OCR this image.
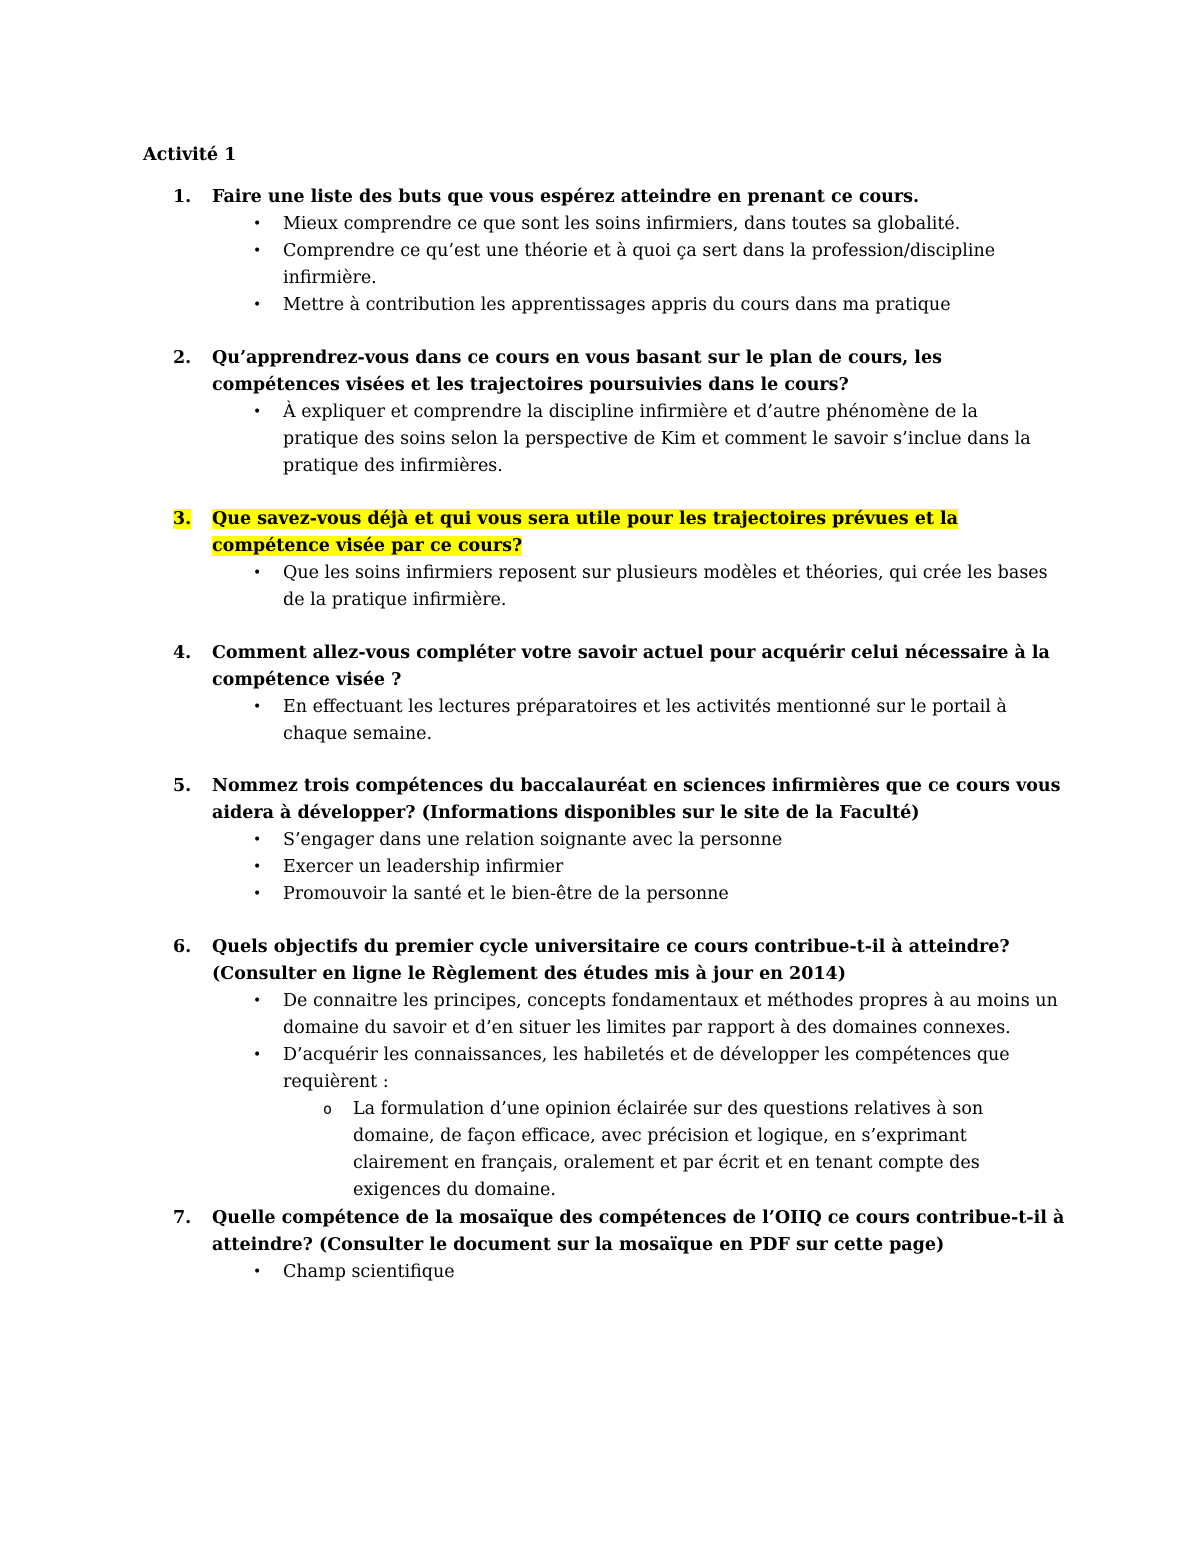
Activité 1
1. Faire une liste des buts que vous espérez atteindre en prenant ce cours.
• Mieux comprendre ce que sont les soins infirmiers, dans toutes sa globalité.
• Comprendre ce qu’est une théorie et à quoi ça sert dans la profession/discipline infirmière.
• Mettre à contribution les apprentissages appris du cours dans ma pratique
2. Qu’apprendrez-vous dans ce cours en vous basant sur le plan de cours, les compétences visées et les trajectoires poursuivies dans le cours?
• À expliquer et comprendre la discipline infirmière et d’autre phénomène de la pratique des soins selon la perspective de Kim et comment le savoir s’inclue dans la pratique des infirmières.
3. Que savez-vous déjà et qui vous sera utile pour les trajectoires prévues et la compétence visée par ce cours?
• Que les soins infirmiers reposent sur plusieurs modèles et théories, qui crée les bases de la pratique infirmière.
4. Comment allez-vous compléter votre savoir actuel pour acquérir celui nécessaire à la compétence visée ?
• En effectuant les lectures préparatoires et les activités mentionné sur le portail à chaque semaine.
5. Nommez trois compétences du baccalauréat en sciences infirmières que ce cours vous aidera à développer? (Informations disponibles sur le site de la Faculté)
• S’engager dans une relation soignante avec la personne
• Exercer un leadership infirmier
• Promouvoir la santé et le bien-être de la personne
6. Quels objectifs du premier cycle universitaire ce cours contribue-t-il à atteindre? (Consulter en ligne le Règlement des études mis à jour en 2014)
• De connaitre les principes, concepts fondamentaux et méthodes propres à au moins un domaine du savoir et d’en situer les limites par rapport à des domaines connexes.
• D’acquérir les connaissances, les habiletés et de développer les compétences que requièrent :
o La formulation d’une opinion éclairée sur des questions relatives à son domaine, de façon efficace, avec précision et logique, en s’exprimant clairement en français, oralement et par écrit et en tenant compte des exigences du domaine.
7. Quelle compétence de la mosaïque des compétences de l’OIIQ ce cours contribue-t-il à atteindre? (Consulter le document sur la mosaïque en PDF sur cette page)
• Champ scientifique
